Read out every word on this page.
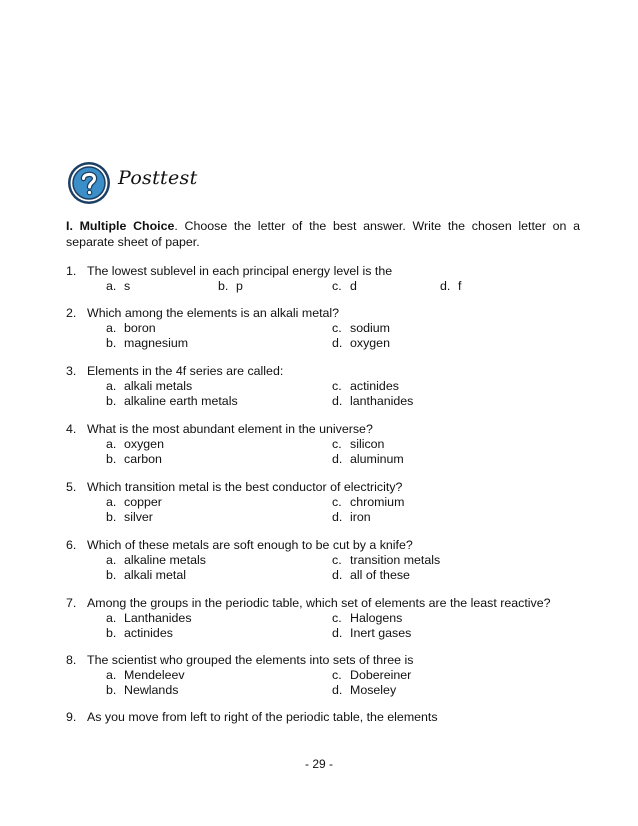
Posttest
I. Multiple Choice. Choose the letter of the best answer. Write the chosen letter on a separate sheet of paper.
1. The lowest sublevel in each principal energy level is the
a. s	b. p	c. d	d. f
2. Which among the elements is an alkali metal?
a. boron
b. magnesium
c. sodium
d. oxygen
3. Elements in the 4f series are called:
a. alkali metals
b. alkaline earth metals
c. actinides
d. lanthanides
4. What is the most abundant element in the universe?
a. oxygen
b. carbon
c. silicon
d. aluminum
5. Which transition metal is the best conductor of electricity?
a. copper
b. silver
c. chromium
d. iron
6. Which of these metals are soft enough to be cut by a knife?
a. alkaline metals
b. alkali metal
c. transition metals
d. all of these
7. Among the groups in the periodic table, which set of elements are the least reactive?
a. Lanthanides
b. actinides
c. Halogens
d. Inert gases
8. The scientist who grouped the elements into sets of three is
a. Mendeleev
b. Newlands
c. Dobereiner
d. Moseley
9. As you move from left to right of the periodic table, the elements
- 29 -
